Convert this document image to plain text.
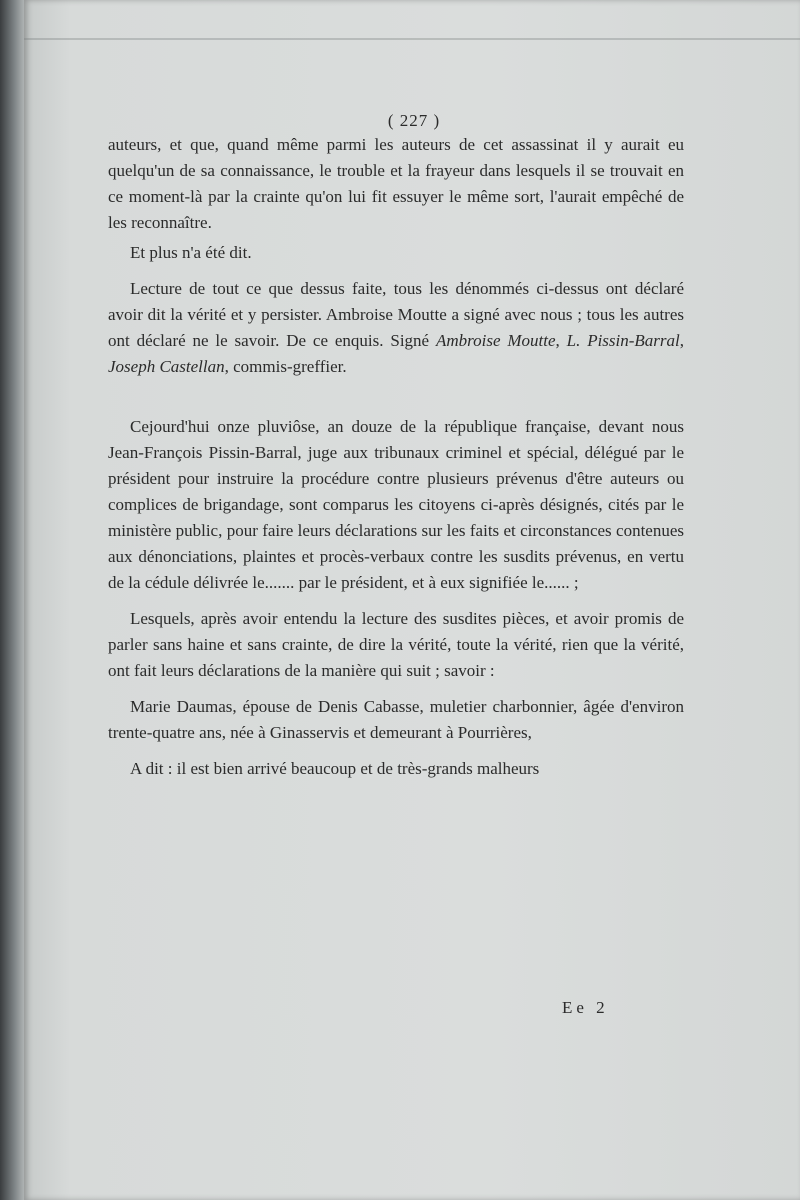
( 227 )

auteurs, et que, quand même parmi les auteurs de cet assassinat il y aurait eu quelqu'un de sa connaissance, le trouble et la frayeur dans lesquels il se trouvait en ce moment-là par la crainte qu'on lui fit essuyer le même sort, l'aurait empêché de les reconnaître.

Et plus n'a été dit.

Lecture de tout ce que dessus faite, tous les dénommés ci-dessus ont déclaré avoir dit la vérité et y persister. Ambroise Moutte a signé avec nous ; tous les autres ont déclaré ne le savoir. De ce enquis. Signé Ambroise Moutte, L. Pissin-Barral, Joseph Castellan, commis-greffier.

Cejourd'hui onze pluviôse, an douze de la république française, devant nous Jean-François Pissin-Barral, juge aux tribunaux criminel et spécial, délégué par le président pour instruire la procédure contre plusieurs prévenus d'être auteurs ou complices de brigandage, sont comparus les citoyens ci-après désignés, cités par le ministère public, pour faire leurs déclarations sur les faits et circonstances contenues aux dénonciations, plaintes et procès-verbaux contre les susdits prévenus, en vertu de la cédule délivrée le....... par le président, et à eux signifiée le...... ;

Lesquels, après avoir entendu la lecture des susdites pièces, et avoir promis de parler sans haine et sans crainte, de dire la vérité, toute la vérité, rien que la vérité, ont fait leurs déclarations de la manière qui suit ; savoir :

Marie Daumas, épouse de Denis Cabasse, muletier charbonnier, âgée d'environ trente-quatre ans, née à Ginasservis et demeurant à Pourrières,

A dit : il est bien arrivé beaucoup et de très-grands malheurs

Ee 2
